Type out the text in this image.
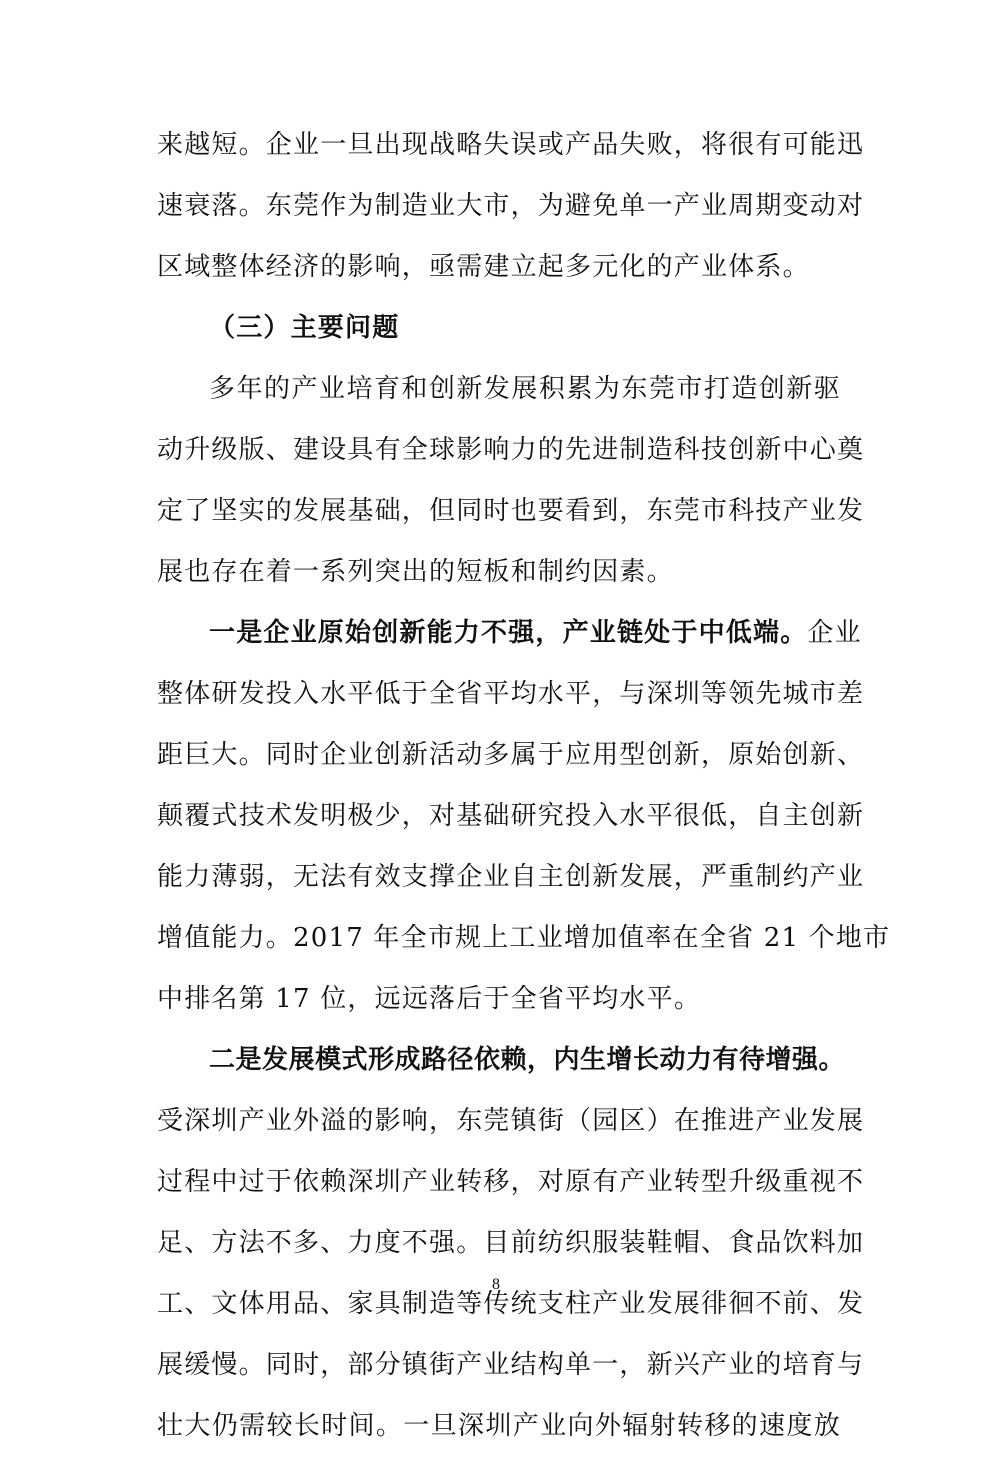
来越短。企业一旦出现战略失误或产品失败，将很有可能迅
速衰落。东莞作为制造业大市，为避免单一产业周期变动对
区域整体经济的影响，亟需建立起多元化的产业体系。
（三）主要问题
多年的产业培育和创新发展积累为东莞市打造创新驱
动升级版、建设具有全球影响力的先进制造科技创新中心奠
定了坚实的发展基础，但同时也要看到，东莞市科技产业发
展也存在着一系列突出的短板和制约因素。
一是企业原始创新能力不强，产业链处于中低端。企业
整体研发投入水平低于全省平均水平，与深圳等领先城市差
距巨大。同时企业创新活动多属于应用型创新，原始创新、
颠覆式技术发明极少，对基础研究投入水平很低，自主创新
能力薄弱，无法有效支撑企业自主创新发展，严重制约产业
增值能力。2017 年全市规上工业增加值率在全省 21 个地市
中排名第 17 位，远远落后于全省平均水平。
二是发展模式形成路径依赖，内生增长动力有待增强。
受深圳产业外溢的影响，东莞镇街（园区）在推进产业发展
过程中过于依赖深圳产业转移，对原有产业转型升级重视不
足、方法不多、力度不强。目前纺织服装鞋帽、食品饮料加
工、文体用品、家具制造等传统支柱产业发展徘徊不前、发
展缓慢。同时，部分镇街产业结构单一，新兴产业的培育与
壮大仍需较长时间。一旦深圳产业向外辐射转移的速度放
8
